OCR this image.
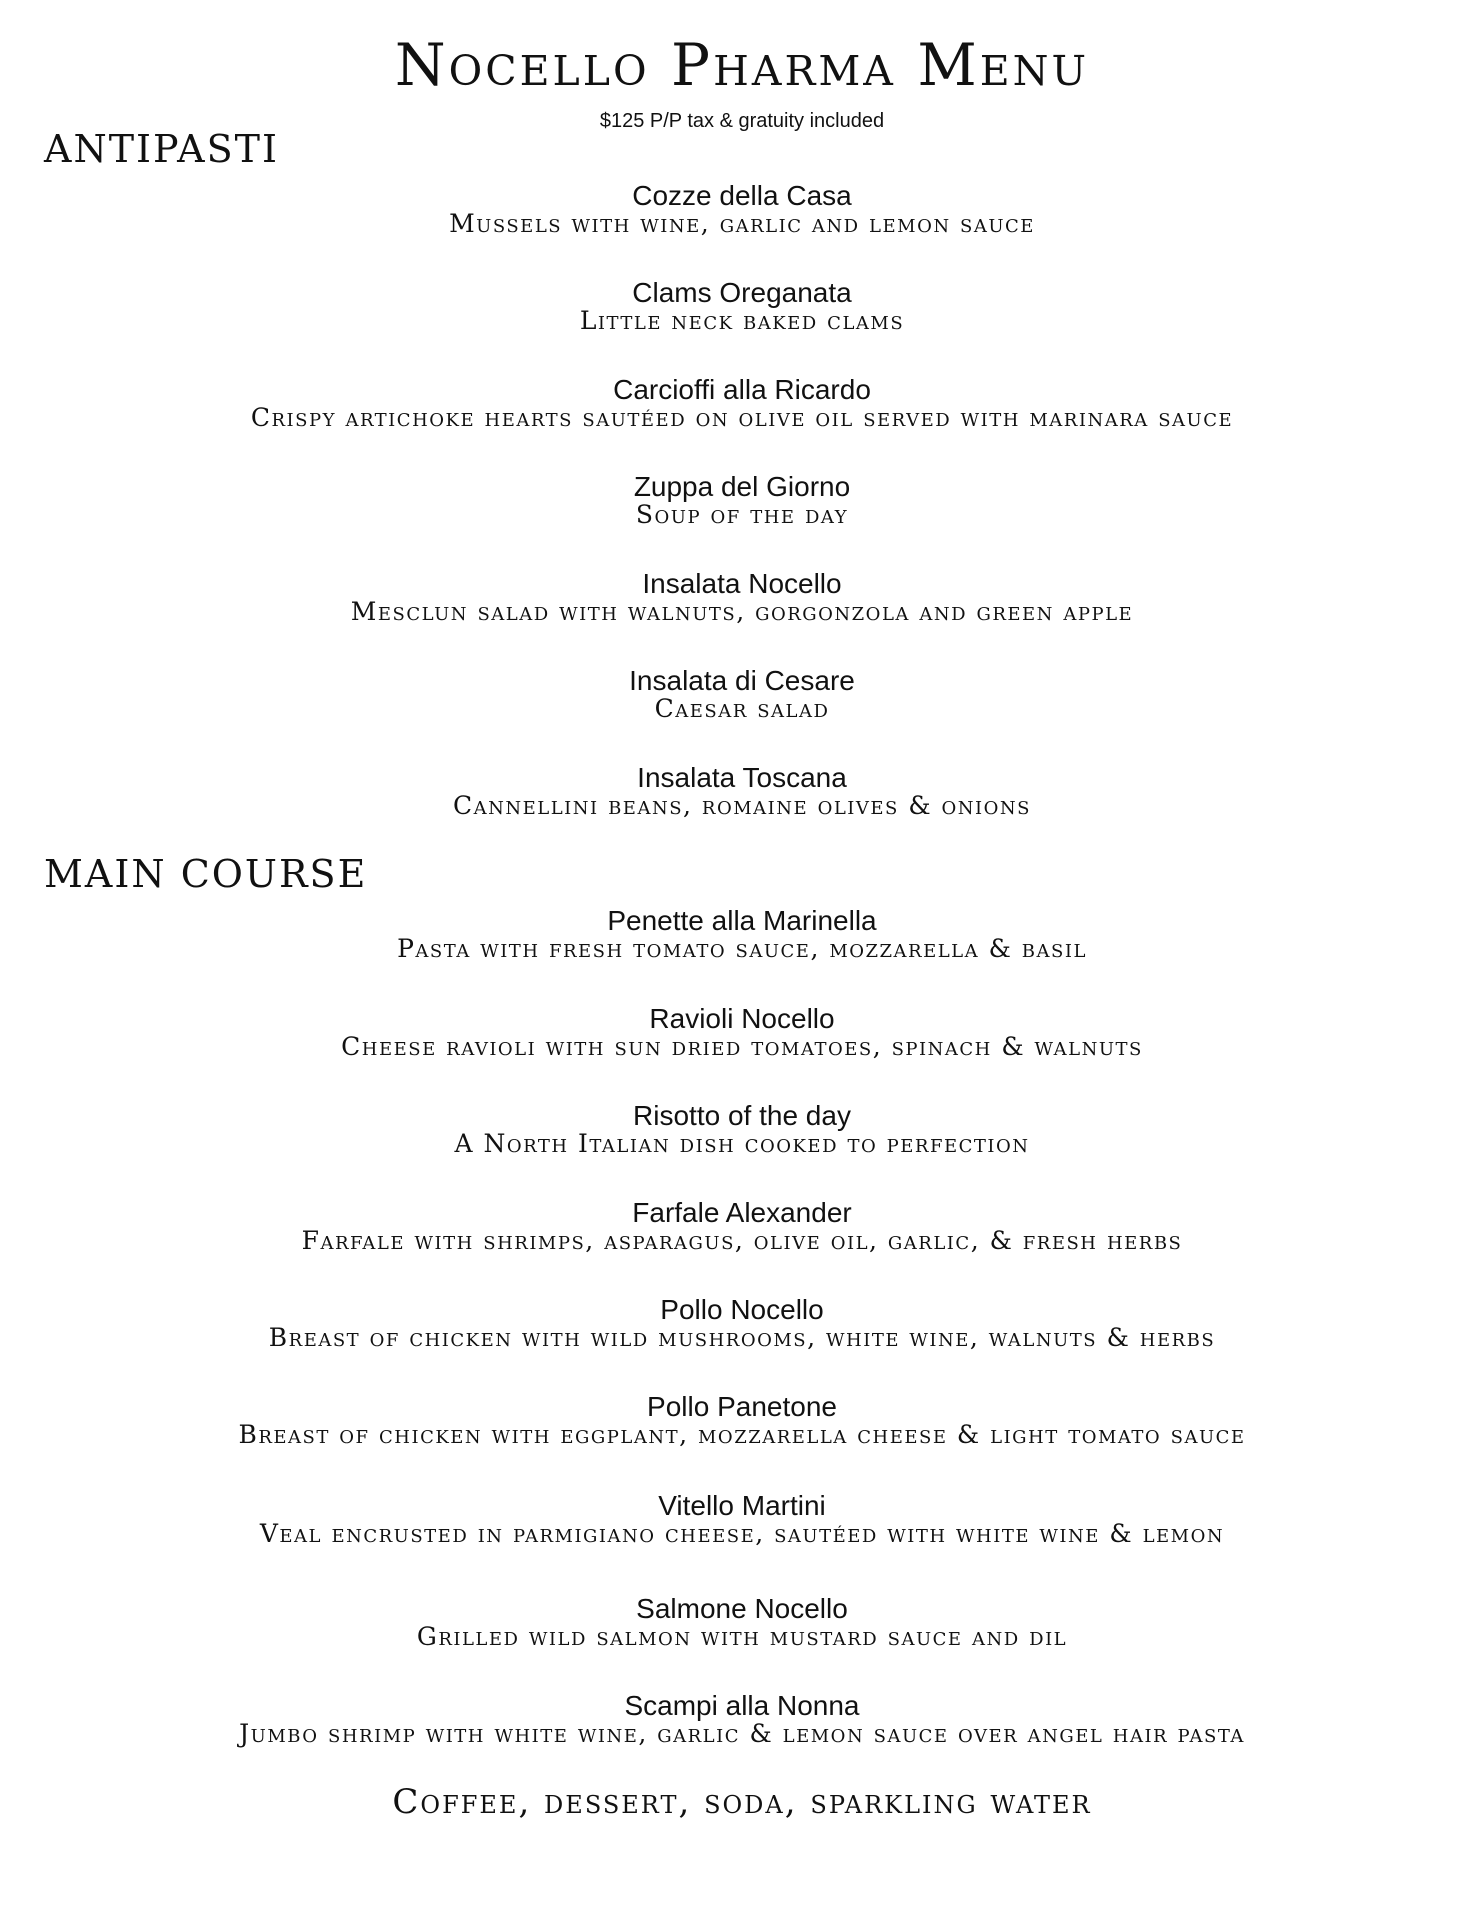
Nocello Pharma Menu
$125 P/P tax & gratuity included
ANTIPASTI
Cozze della Casa
Mussels with wine, garlic and lemon sauce
Clams Oreganata
Little neck baked clams
Carcioffi alla Ricardo
Crispy artichoke hearts sautéed on olive oil served with marinara sauce
Zuppa del Giorno
Soup of the day
Insalata Nocello
Mesclun salad with walnuts, gorgonzola and green apple
Insalata di Cesare
Caesar salad
Insalata Toscana
Cannellini beans, romaine olives & onions
MAIN COURSE
Penette alla Marinella
Pasta with fresh tomato sauce, mozzarella & basil
Ravioli Nocello
Cheese ravioli with sun dried tomatoes, spinach & walnuts
Risotto of the day
A North Italian dish cooked to perfection
Farfale Alexander
Farfale with shrimps, asparagus, olive oil, garlic, & fresh herbs
Pollo Nocello
Breast of chicken with wild mushrooms, white wine, walnuts & herbs
Pollo Panetone
Breast of chicken with eggplant, mozzarella cheese & light tomato sauce
Vitello Martini
Veal encrusted in parmigiano cheese, sautéed with white wine & lemon
Salmone Nocello
Grilled wild salmon with mustard sauce and dil
Scampi alla Nonna
Jumbo shrimp with white wine, garlic & lemon sauce over angel hair pasta
Coffee, dessert, soda, sparkling water
